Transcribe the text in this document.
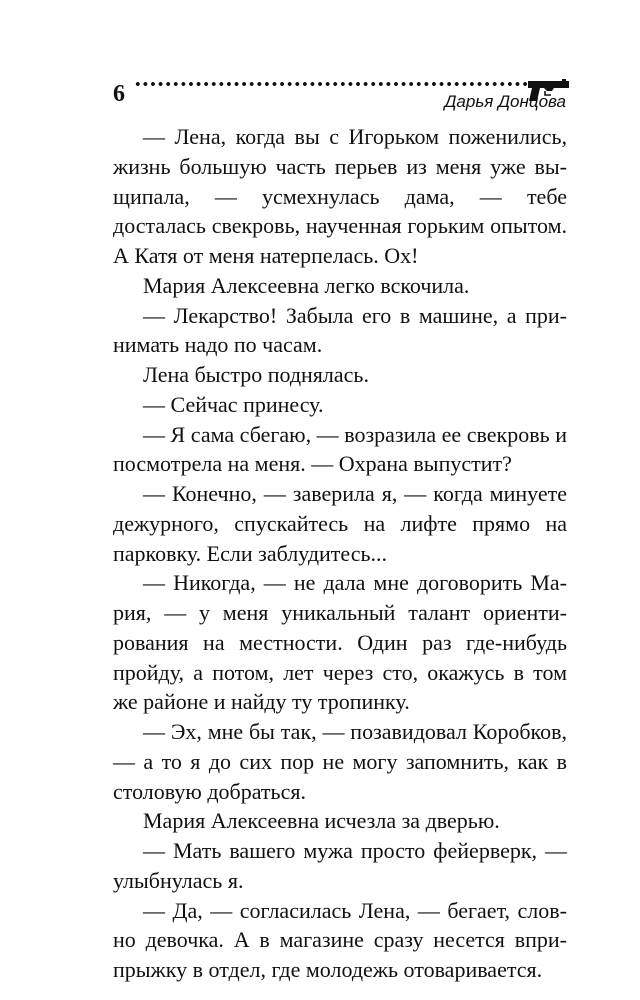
6	Дарья Донцова

— Лена, когда вы с Игорьком поженились, жизнь большую часть перьев из меня уже выщипала, — усмехнулась дама, — тебе досталась свекровь, наученная горьким опытом. А Катя от меня натерпелась. Ох!

Мария Алексеевна легко вскочила.

— Лекарство! Забыла его в машине, а принимать надо по часам.

Лена быстро поднялась.

— Сейчас принесу.

— Я сама сбегаю, — возразила ее свекровь и посмотрела на меня. — Охрана выпустит?

— Конечно, — заверила я, — когда минуете дежурного, спускайтесь на лифте прямо на парковку. Если заблудитесь...

— Никогда, — не дала мне договорить Мария, — у меня уникальный талант ориентирования на местности. Один раз где-нибудь пройду, а потом, лет через сто, окажусь в том же районе и найду ту тропинку.

— Эх, мне бы так, — позавидовал Коробков, — а то я до сих пор не могу запомнить, как в столовую добраться.

Мария Алексеевна исчезла за дверью.

— Мать вашего мужа просто фейерверк, — улыбнулась я.

— Да, — согласилась Лена, — бегает, словно девочка. А в магазине сразу несется вприпрыжку в отдел, где молодежь отоваривается.
